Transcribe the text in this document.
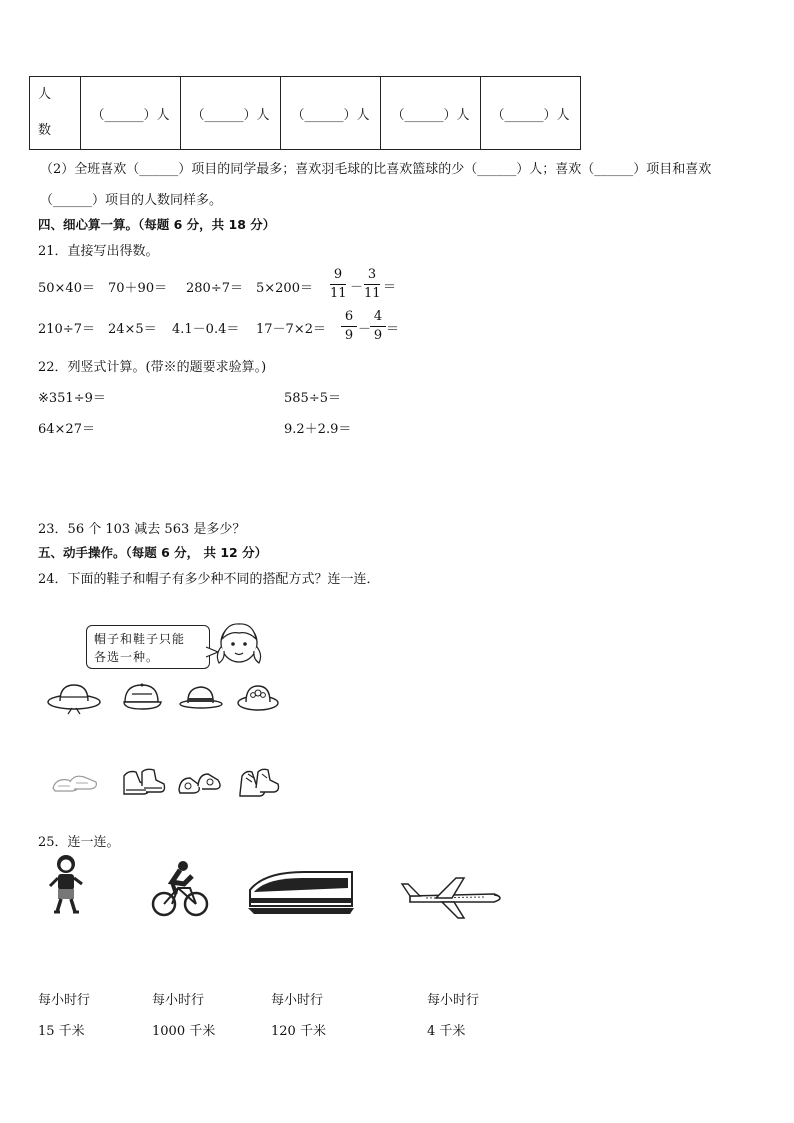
人
数	（______）人	（______）人	（______）人	（______）人	（______）人
（2）全班喜欢（______）项目的同学最多；喜欢羽毛球的比喜欢篮球的少（______）人；喜欢（______）项目和喜欢
（______）项目的人数同样多。
四、细心算一算。（每题 6 分，共 18 分）
21．直接写出得数。
50×40＝ 70＋90＝ 280÷7＝ 5×200＝
9
11 －
3
11 ＝
210÷7＝ 24×5＝ 4.1－0.4＝ 17－7×2＝
6
9 －
4
9 ＝
22．列竖式计算。(带※的题要求验算。)
※351÷9＝	585÷5＝
64×27＝	9.2＋2.9＝
23．56 个 103 减去 563 是多少？
五、动手操作。（每题 6 分， 共 12 分）
24．下面的鞋子和帽子有多少种不同的搭配方式？连一连．
帽子和鞋子只能
各选一种。
25．连一连。
每小时行	每小时行	每小时行	每小时行
15 千米	1000 千米	120 千米	4 千米
